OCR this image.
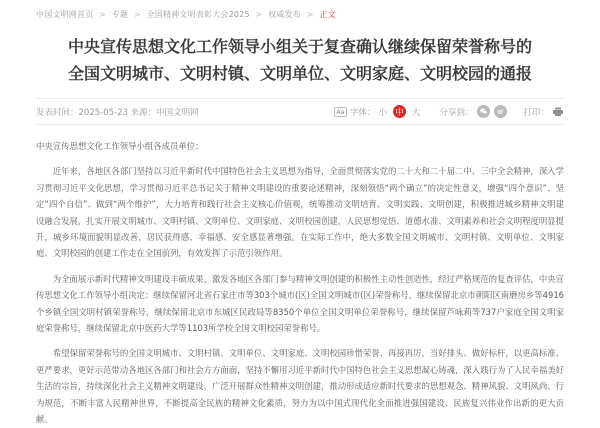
中国文明网首页 > 专题 > 全国精神文明表彰大会2025 > 权威发布 > 正文
中央宣传思想文化工作领导小组关于复查确认继续保留荣誉称号的
全国文明城市、文明村镇、文明单位、文明家庭、文明校园的通报
发表时间：2025-05-23 来源：中国文明网	Aa 字体： 小 中 大 分享到：	打印：

中央宣传思想文化工作领导小组各成员单位：

近年来，各地区各部门坚持以习近平新时代中国特色社会主义思想为指导，全面贯彻落实党的二十大和二十届二中、三中全会精神，深入学习贯彻习近平文化思想，学习贯彻习近平总书记关于精神文明建设的重要论述精神，深刻领悟“两个确立”的决定性意义，增强“四个意识”、坚定“四个自信”、做到“两个维护”，大力培育和践行社会主义核心价值观，统筹推动文明培育、文明实践、文明创建，积极推进城乡精神文明建设融合发展，扎实开展文明城市、文明村镇、文明单位、文明家庭、文明校园创建，人民思想觉悟、道德水准、文明素养和社会文明程度明显提升，城乡环境面貌明显改善，居民获得感、幸福感、安全感显著增强。在实际工作中，绝大多数全国文明城市、文明村镇、文明单位、文明家庭、文明校园的创建工作走在全国前列，有效发挥了示范引领作用。

为全面展示新时代精神文明建设丰硕成果，激发各地区各部门参与精神文明创建的积极性主动性创造性，经过严格规范的复查评估，中央宣传思想文化工作领导小组决定：继续保留河北省石家庄市等303个城市(区)全国文明城市(区)荣誉称号，继续保留北京市朝阳区南磨房乡等4916个乡镇全国文明村镇荣誉称号，继续保留北京市东城区民政局等8350个单位全国文明单位荣誉称号，继续保留芦咏莉等737户家庭全国文明家庭荣誉称号，继续保留北京中医药大学等1103所学校全国文明校园荣誉称号。

希望保留荣誉称号的全国文明城市、文明村镇、文明单位、文明家庭、文明校园珍惜荣誉、再接再厉，当好排头、做好标杆，以更高标准、更严要求，更好示范带动各地区各部门和社会方方面面，坚持不懈用习近平新时代中国特色社会主义思想凝心铸魂，深入践行为了人民幸福美好生活的宗旨，持续深化社会主义精神文明建设，广泛开展群众性精神文明创建，推动形成适应新时代要求的思想观念、精神风貌、文明风尚、行为规范，不断丰富人民精神世界，不断提高全民族的精神文化素质，努力为以中国式现代化全面推进强国建设、民族复兴伟业作出新的更大贡献。
